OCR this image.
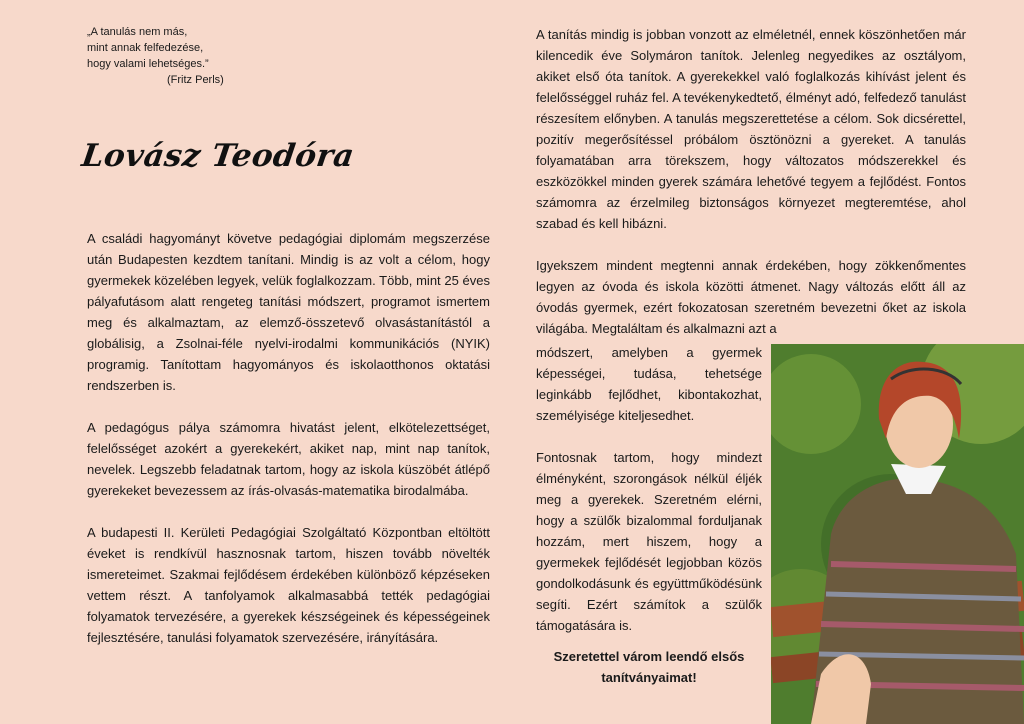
„A tanulás nem más,
mint annak felfedezése,
hogy valami lehetséges.”

(Fritz Perls)
Lovász Teodóra

A családi hagyományt követve pedagógiai diplomám megszerzése után Budapesten kezdtem tanítani. Mindig is az volt a célom, hogy gyermekek közelében legyek, velük foglalkozzam. Több, mint 25 éves pályafutásom alatt rengeteg tanítási módszert, programot ismertem meg és alkalmaztam, az elemző-összetevő olvasástanítástól a globálisig, a Zsolnai-féle nyelvi-irodalmi kommunikációs (NYIK) programig. Tanítottam hagyományos és iskolaotthonos oktatási rendszerben is.

A pedagógus pálya számomra hivatást jelent, elkötelezettséget, felelősséget azokért a gyerekekért, akiket nap, mint nap tanítok, nevelek. Legszebb feladatnak tartom, hogy az iskola küszöbét átlépő gyerekeket bevezessem az írás-olvasás-matematika birodalmába.

A budapesti II. Kerületi Pedagógiai Szolgáltató Központban eltöltött éveket is rendkívül hasznosnak tartom, hiszen tovább növelték ismereteimet. Szakmai fejlődésem érdekében különböző képzéseken vettem részt. A tanfolyamok alkalmasabbá tették pedagógiai folyamatok tervezésére, a gyerekek készségeinek és képességeinek fejlesztésére, tanulási folyamatok szervezésére, irányítására.

A tanítás mindig is jobban vonzott az elméletnél, ennek köszönhetően már kilencedik éve Solymáron tanítok. Jelenleg negyedikes az osztályom, akiket első óta tanítok. A gyerekekkel való foglalkozás kihívást jelent és felelősséggel ruház fel. A tevékenykedtető, élményt adó, felfedező tanulást részesítem előnyben. A tanulás megszerettetése a célom. Sok dicsérettel, pozitív megerősítéssel próbálom ösztönözni a gyereket. A tanulás folyamatában arra törekszem, hogy változatos módszerekkel és eszközökkel minden gyerek számára lehetővé tegyem a fejlődést. Fontos számomra az érzelmileg biztonságos környezet megteremtése, ahol szabad és kell hibázni.

Igyekszem mindent megtenni annak érdekében, hogy zökkenőmentes legyen az óvoda és iskola közötti átmenet. Nagy változás előtt áll az óvodás gyermek, ezért fokozatosan szeretném bevezetni őket az iskola világába. Megtaláltam és alkalmazni azt a

módszert, amelyben a gyermek képességei, tudása, tehetsége leginkább fejlődhet, kibontakozhat, személyisége kiteljesedhet.

Fontosnak tartom, hogy mindezt élményként, szorongások nélkül éljék meg a gyerekek. Szeretném elérni, hogy a szülők bizalommal forduljanak hozzám, mert hiszem, hogy a gyermekek fejlődését legjobban közös gondolkodásunk és együttműködésünk segíti. Ezért számítok a szülők támogatására is.

Szeretettel várom leendő elsős
tanítványaimat!
